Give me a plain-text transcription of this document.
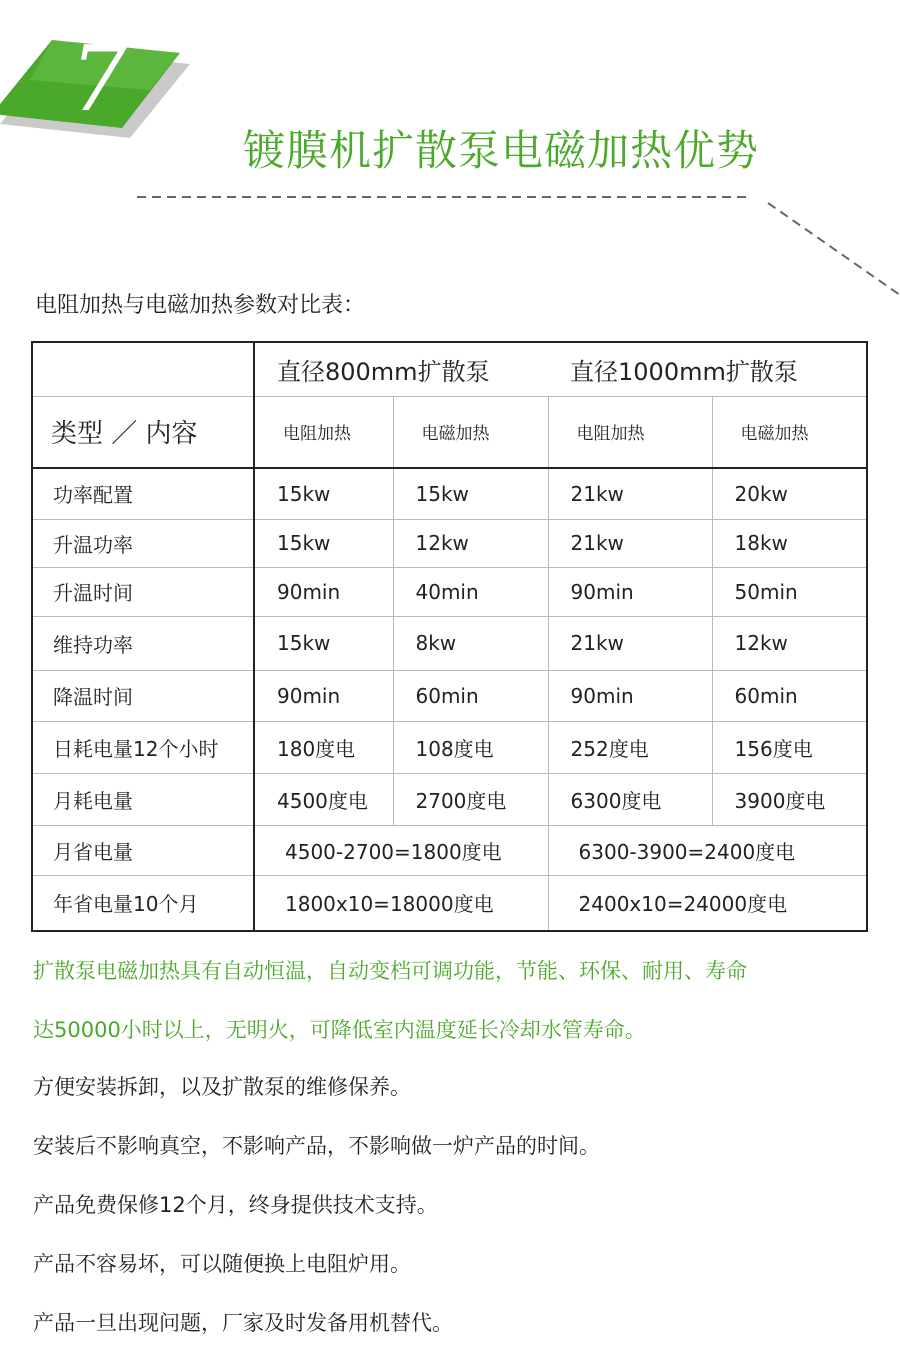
7
镀膜机扩散泵电磁加热优势
电阻加热与电磁加热参数对比表：
	直径800mm扩散泵		直径1000mm扩散泵	
类型 ／ 内容	电阻加热	电磁加热	电阻加热	电磁加热
功率配置	15kw	15kw	21kw	20kw
升温功率	15kw	12kw	21kw	18kw
升温时间	90min	40min	90min	50min
维持功率	15kw	8kw	21kw	12kw
降温时间	90min	60min	90min	60min
日耗电量12个小时	180度电	108度电	252度电	156度电
月耗电量	4500度电	2700度电	6300度电	3900度电
月省电量	4500-2700=1800度电		6300-3900=2400度电	
年省电量10个月	1800x10=18000度电		2400x10=24000度电	
扩散泵电磁加热具有自动恒温，自动变档可调功能，节能、环保、耐用、寿命
达50000小时以上，无明火，可降低室内温度延长冷却水管寿命。
方便安装拆卸，以及扩散泵的维修保养。
安装后不影响真空，不影响产品，不影响做一炉产品的时间。
产品免费保修12个月，终身提供技术支持。
产品不容易坏，可以随便换上电阻炉用。
产品一旦出现问题，厂家及时发备用机替代。
